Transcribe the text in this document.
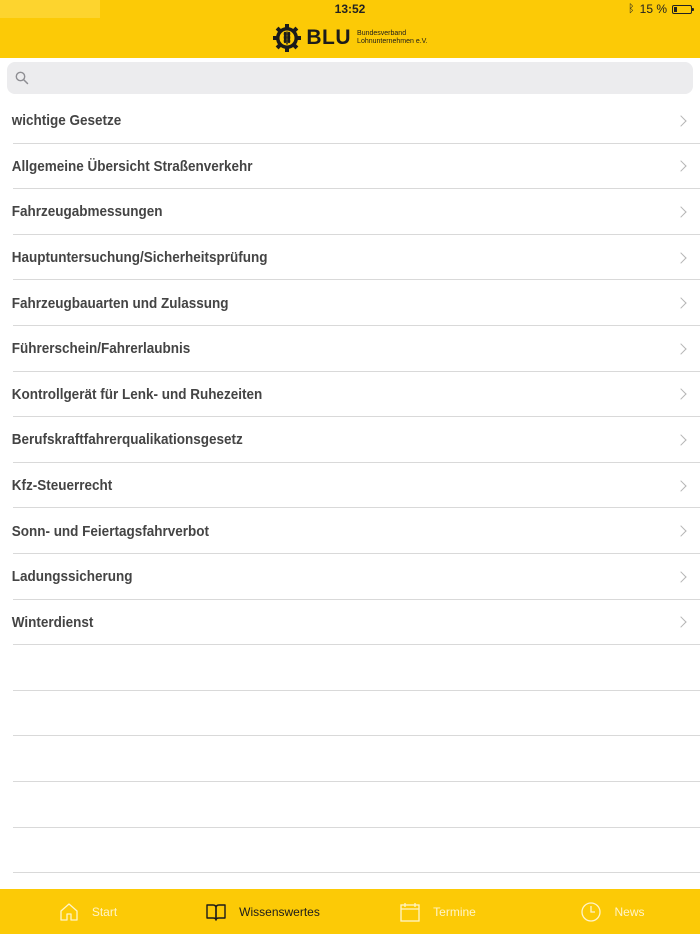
13:52	ᛒ 15 %
BLU Bundesverband
Lohnunternehmen e.V.
wichtige Gesetze
Allgemeine Übersicht Straßenverkehr
Fahrzeugabmessungen
Hauptuntersuchung/Sicherheitsprüfung
Fahrzeugbauarten und Zulassung
Führerschein/Fahrerlaubnis
Kontrollgerät für Lenk- und Ruhezeiten
Berufskraftfahrerqualikationsgesetz
Kfz-Steuerrecht
Sonn- und Feiertagsfahrverbot
Ladungssicherung
Winterdienst
Start	Wissenswertes	Termine	News
